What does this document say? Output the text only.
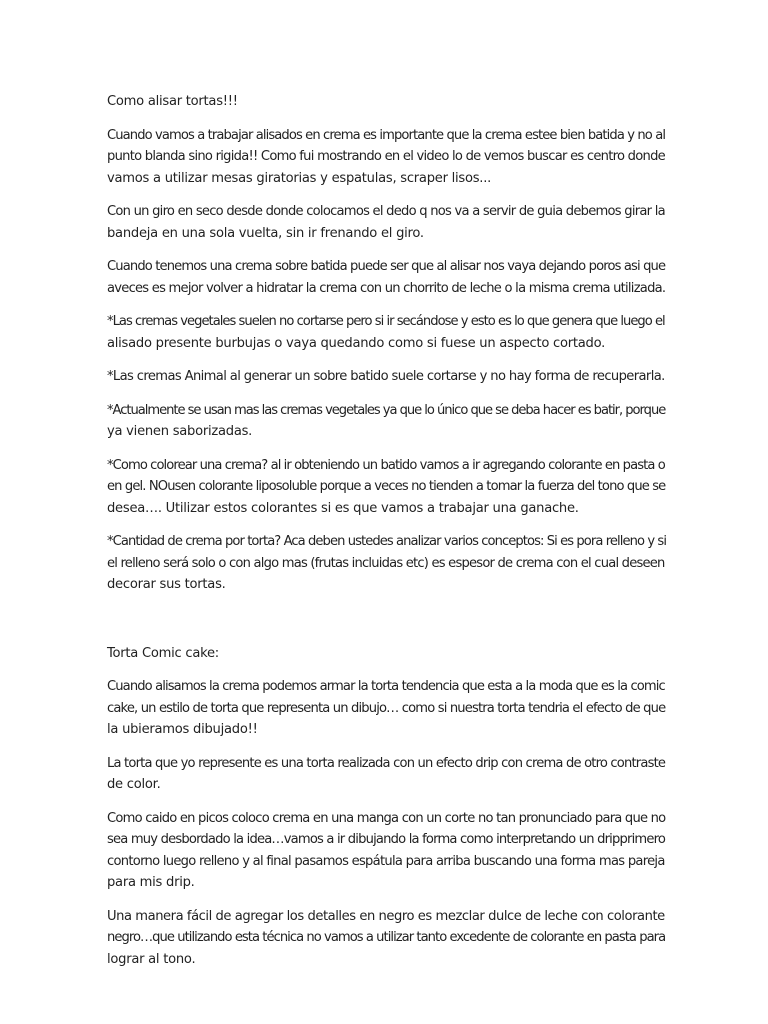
Como alisar tortas!!!

Cuando vamos a trabajar alisados en crema es importante que la crema estee bien batida y no al
punto blanda sino rigida!! Como fui mostrando en el video lo de vemos buscar es centro donde
vamos a utilizar mesas giratorias y espatulas, scraper lisos...

Con un giro en seco desde donde colocamos el dedo q nos va a servir de guia debemos girar la
bandeja en una sola vuelta, sin ir frenando el giro.

Cuando tenemos una crema sobre batida puede ser que al alisar nos vaya dejando poros asi que
aveces es mejor volver a hidratar la crema con un chorrito de leche o la misma crema utilizada.

*Las cremas vegetales suelen no cortarse pero si ir secándose y esto es lo que genera que luego el
alisado presente burbujas o vaya quedando como si fuese un aspecto cortado.

*Las cremas Animal al generar un sobre batido suele cortarse y no hay forma de recuperarla.

*Actualmente se usan mas las cremas vegetales ya que lo único que se deba hacer es batir, porque
ya vienen saborizadas.

*Como colorear una crema? al ir obteniendo un batido vamos a ir agregando colorante en pasta o
en gel. NOusen colorante liposoluble porque a veces no tienden a tomar la fuerza del tono que se
desea…. Utilizar estos colorantes si es que vamos a trabajar una ganache.

*Cantidad de crema por torta? Aca deben ustedes analizar varios conceptos: Si es pora relleno y si
el relleno será solo o con algo mas (frutas incluidas etc) es espesor de crema con el cual deseen
decorar sus tortas.

Torta Comic cake:

Cuando alisamos la crema podemos armar la torta tendencia que esta a la moda que es la comic
cake, un estilo de torta que representa un dibujo… como si nuestra torta tendria el efecto de que
la ubieramos dibujado!!

La torta que yo represente es una torta realizada con un efecto drip con crema de otro contraste
de color.

Como caido en picos coloco crema en una manga con un corte no tan pronunciado para que no
sea muy desbordado la idea…vamos a ir dibujando la forma como interpretando un dripprimero
contorno luego relleno y al final pasamos espátula para arriba buscando una forma mas pareja
para mis drip.

Una manera fácil de agregar los detalles en negro es mezclar dulce de leche con colorante
negro…que utilizando esta técnica no vamos a utilizar tanto excedente de colorante en pasta para
lograr al tono.
